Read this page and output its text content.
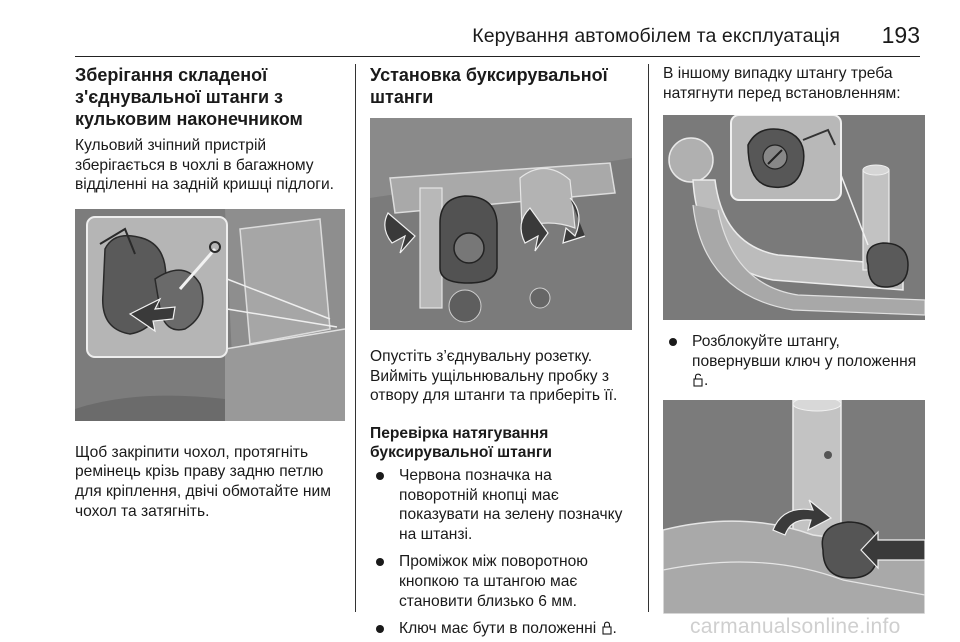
Керування автомобілем та експлуатація 193
Зберігання складеної
з'єднувальної штанги з
кульковим наконечником

Кульовий зчіпний пристрій
зберігається в чохлі в багажному
відділенні на задній кришці підлоги.

Щоб закріпити чохол, протягніть
ремінець крізь праву задню петлю
для кріплення, двічі обмотайте ним
чохол та затягніть.

Установка буксирувальної
штанги

Опустіть з’єднувальну розетку.
Вийміть ущільнювальну пробку з
отвору для штанги та приберіть її.

Перевірка натягування
буксирувальної штанги
Червона позначка на
поворотній кнопці має
показувати на зелену позначку
на штанзі.
Проміжок між поворотною
кнопкою та штангою має
становити близько 6 мм.
Ключ має бути в положенні .

В іншому випадку штангу треба
натягнути перед встановленням:

Розблокуйте штангу,
повернувши ключ у положення
.
carmanualsonline.info
